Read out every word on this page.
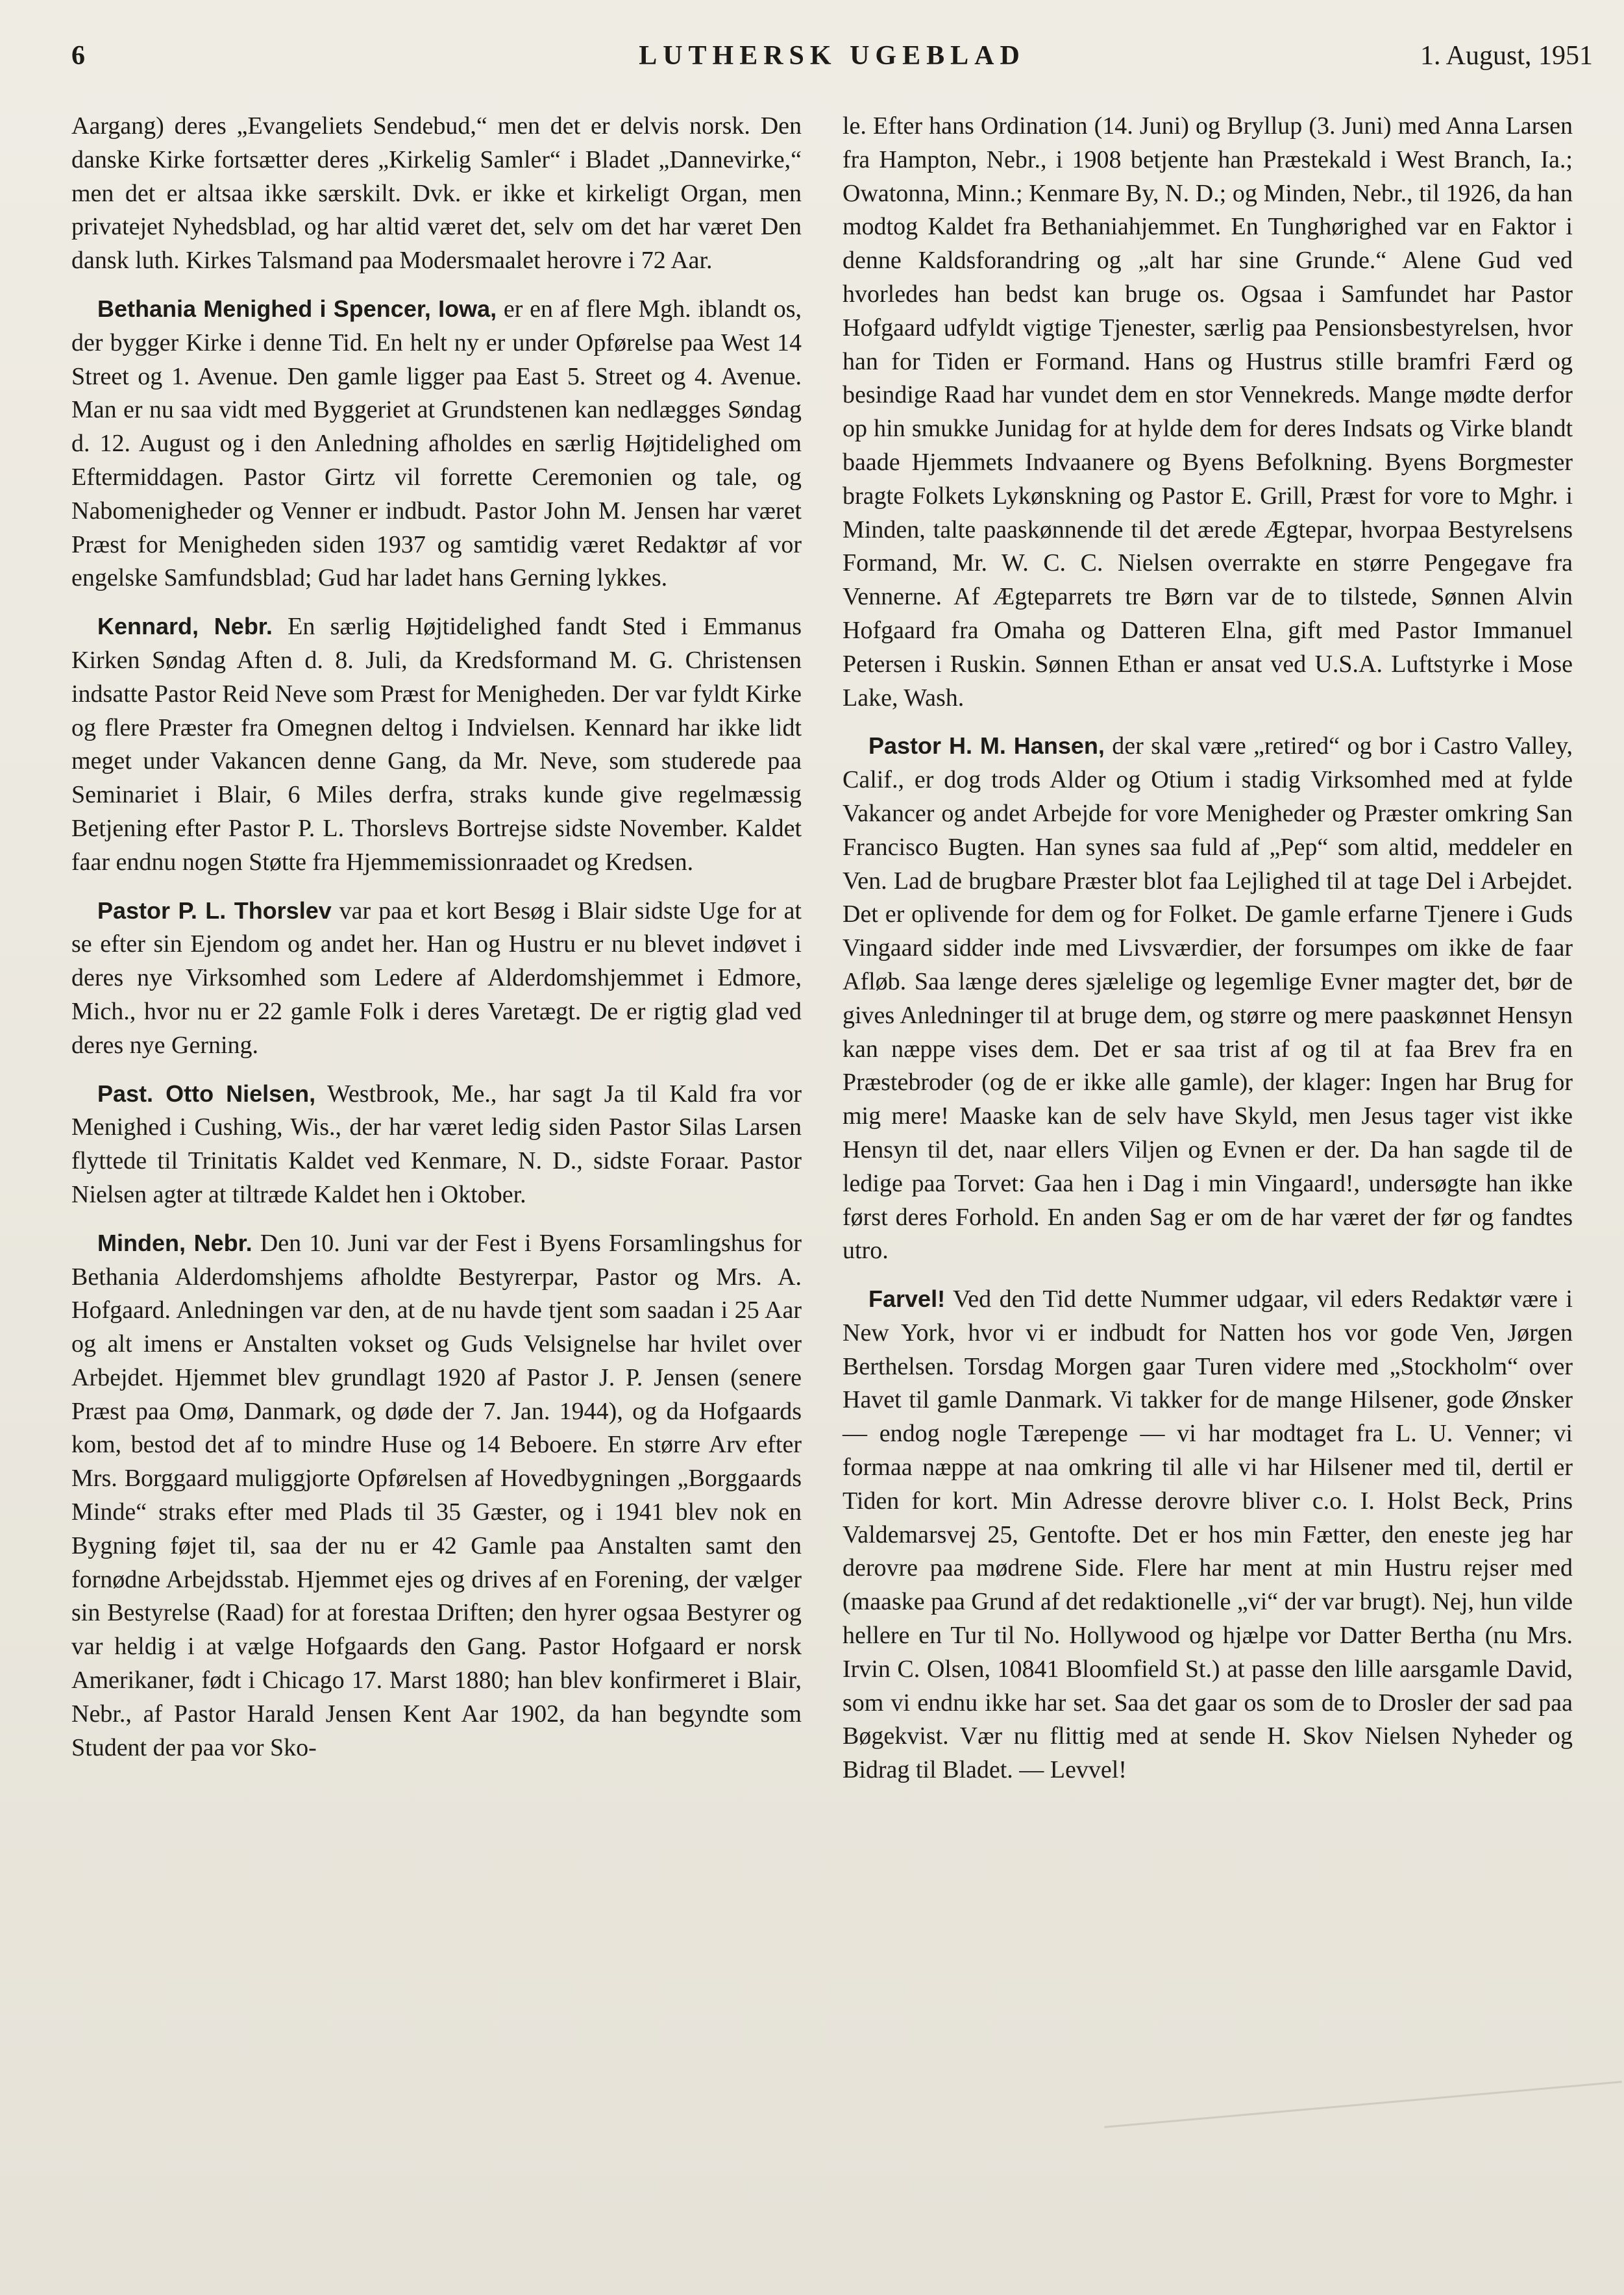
6	LUTHERSK UGEBLAD	1. August, 1951

Aargang) deres „Evangeliets Sendebud,“ men det er delvis norsk. Den danske Kirke fortsætter deres „Kirkelig Samler“ i Bladet „Dannevirke,“ men det er altsaa ikke særskilt. Dvk. er ikke et kirkeligt Organ, men privatejet Nyhedsblad, og har altid været det, selv om det har været Den dansk luth. Kirkes Talsmand paa Modersmaalet herovre i 72 Aar.

Bethania Menighed i Spencer, Iowa, er en af flere Mgh. iblandt os, der bygger Kirke i denne Tid. En helt ny er under Opførelse paa West 14 Street og 1. Avenue. Den gamle ligger paa East 5. Street og 4. Avenue. Man er nu saa vidt med Byggeriet at Grundstenen kan nedlægges Søndag d. 12. August og i den Anledning afholdes en særlig Højtidelighed om Eftermiddagen. Pastor Girtz vil forrette Ceremonien og tale, og Nabomenigheder og Venner er indbudt. Pastor John M. Jensen har været Præst for Menigheden siden 1937 og samtidig været Redaktør af vor engelske Samfundsblad; Gud har ladet hans Gerning lykkes.

Kennard, Nebr. En særlig Højtidelighed fandt Sted i Emmanus Kirken Søndag Aften d. 8. Juli, da Kredsformand M. G. Christensen indsatte Pastor Reid Neve som Præst for Menigheden. Der var fyldt Kirke og flere Præster fra Omegnen deltog i Indvielsen. Kennard har ikke lidt meget under Vakancen denne Gang, da Mr. Neve, som studerede paa Seminariet i Blair, 6 Miles derfra, straks kunde give regelmæssig Betjening efter Pastor P. L. Thorslevs Bortrejse sidste November. Kaldet faar endnu nogen Støtte fra Hjemmemissionraadet og Kredsen.

Pastor P. L. Thorslev var paa et kort Besøg i Blair sidste Uge for at se efter sin Ejendom og andet her. Han og Hustru er nu blevet indøvet i deres nye Virksomhed som Ledere af Alderdomshjemmet i Edmore, Mich., hvor nu er 22 gamle Folk i deres Varetægt. De er rigtig glad ved deres nye Gerning.

Past. Otto Nielsen, Westbrook, Me., har sagt Ja til Kald fra vor Menighed i Cushing, Wis., der har været ledig siden Pastor Silas Larsen flyttede til Trinitatis Kaldet ved Kenmare, N. D., sidste Foraar. Pastor Nielsen agter at tiltræde Kaldet hen i Oktober.

Minden, Nebr. Den 10. Juni var der Fest i Byens Forsamlingshus for Bethania Alderdomshjems afholdte Bestyrerpar, Pastor og Mrs. A. Hofgaard. Anledningen var den, at de nu havde tjent som saadan i 25 Aar og alt imens er Anstalten vokset og Guds Velsignelse har hvilet over Arbejdet. Hjemmet blev grundlagt 1920 af Pastor J. P. Jensen (senere Præst paa Omø, Danmark, og døde der 7. Jan. 1944), og da Hofgaards kom, bestod det af to mindre Huse og 14 Beboere. En større Arv efter Mrs. Borggaard muliggjorte Opførelsen af Hovedbygningen „Borggaards Minde“ straks efter med Plads til 35 Gæster, og i 1941 blev nok en Bygning føjet til, saa der nu er 42 Gamle paa Anstalten samt den fornødne Arbejdsstab. Hjemmet ejes og drives af en Forening, der vælger sin Bestyrelse (Raad) for at forestaa Driften; den hyrer ogsaa Bestyrer og var heldig i at vælge Hofgaards den Gang. Pastor Hofgaard er norsk Amerikaner, født i Chicago 17. Marst 1880; han blev konfirmeret i Blair, Nebr., af Pastor Harald Jensen Kent Aar 1902, da han begyndte som Student der paa vor Sko-

le. Efter hans Ordination (14. Juni) og Bryllup (3. Juni) med Anna Larsen fra Hampton, Nebr., i 1908 betjente han Præstekald i West Branch, Ia.; Owatonna, Minn.; Kenmare By, N. D.; og Minden, Nebr., til 1926, da han modtog Kaldet fra Bethaniahjemmet. En Tunghørighed var en Faktor i denne Kaldsforandring og „alt har sine Grunde.“ Alene Gud ved hvorledes han bedst kan bruge os. Ogsaa i Samfundet har Pastor Hofgaard udfyldt vigtige Tjenester, særlig paa Pensionsbestyrelsen, hvor han for Tiden er Formand. Hans og Hustrus stille bramfri Færd og besindige Raad har vundet dem en stor Vennekreds. Mange mødte derfor op hin smukke Junidag for at hylde dem for deres Indsats og Virke blandt baade Hjemmets Indvaanere og Byens Befolkning. Byens Borgmester bragte Folkets Lykønskning og Pastor E. Grill, Præst for vore to Mghr. i Minden, talte paaskønnende til det ærede Ægtepar, hvorpaa Bestyrelsens Formand, Mr. W. C. C. Nielsen overrakte en større Pengegave fra Vennerne. Af Ægteparrets tre Børn var de to tilstede, Sønnen Alvin Hofgaard fra Omaha og Datteren Elna, gift med Pastor Immanuel Petersen i Ruskin. Sønnen Ethan er ansat ved U.S.A. Luftstyrke i Mose Lake, Wash.

Pastor H. M. Hansen, der skal være „retired“ og bor i Castro Valley, Calif., er dog trods Alder og Otium i stadig Virksomhed med at fylde Vakancer og andet Arbejde for vore Menigheder og Præster omkring San Francisco Bugten. Han synes saa fuld af „Pep“ som altid, meddeler en Ven. Lad de brugbare Præster blot faa Lejlighed til at tage Del i Arbejdet. Det er oplivende for dem og for Folket. De gamle erfarne Tjenere i Guds Vingaard sidder inde med Livsværdier, der forsumpes om ikke de faar Afløb. Saa længe deres sjælelige og legemlige Evner magter det, bør de gives Anledninger til at bruge dem, og større og mere paaskønnet Hensyn kan næppe vises dem. Det er saa trist af og til at faa Brev fra en Præstebroder (og de er ikke alle gamle), der klager: Ingen har Brug for mig mere! Maaske kan de selv have Skyld, men Jesus tager vist ikke Hensyn til det, naar ellers Viljen og Evnen er der. Da han sagde til de ledige paa Torvet: Gaa hen i Dag i min Vingaard!, undersøgte han ikke først deres Forhold. En anden Sag er om de har været der før og fandtes utro.

Farvel! Ved den Tid dette Nummer udgaar, vil eders Redaktør være i New York, hvor vi er indbudt for Natten hos vor gode Ven, Jørgen Berthelsen. Torsdag Morgen gaar Turen videre med „Stockholm“ over Havet til gamle Danmark. Vi takker for de mange Hilsener, gode Ønsker — endog nogle Tærepenge — vi har modtaget fra L. U. Venner; vi formaa næppe at naa omkring til alle vi har Hilsener med til, dertil er Tiden for kort. Min Adresse derovre bliver c.o. I. Holst Beck, Prins Valdemarsvej 25, Gentofte. Det er hos min Fætter, den eneste jeg har derovre paa mødrene Side. Flere har ment at min Hustru rejser med (maaske paa Grund af det redaktionelle „vi“ der var brugt). Nej, hun vilde hellere en Tur til No. Hollywood og hjælpe vor Datter Bertha (nu Mrs. Irvin C. Olsen, 10841 Bloomfield St.) at passe den lille aarsgamle David, som vi endnu ikke har set. Saa det gaar os som de to Drosler der sad paa Bøgekvist. Vær nu flittig med at sende H. Skov Nielsen Nyheder og Bidrag til Bladet. — Levvel!
